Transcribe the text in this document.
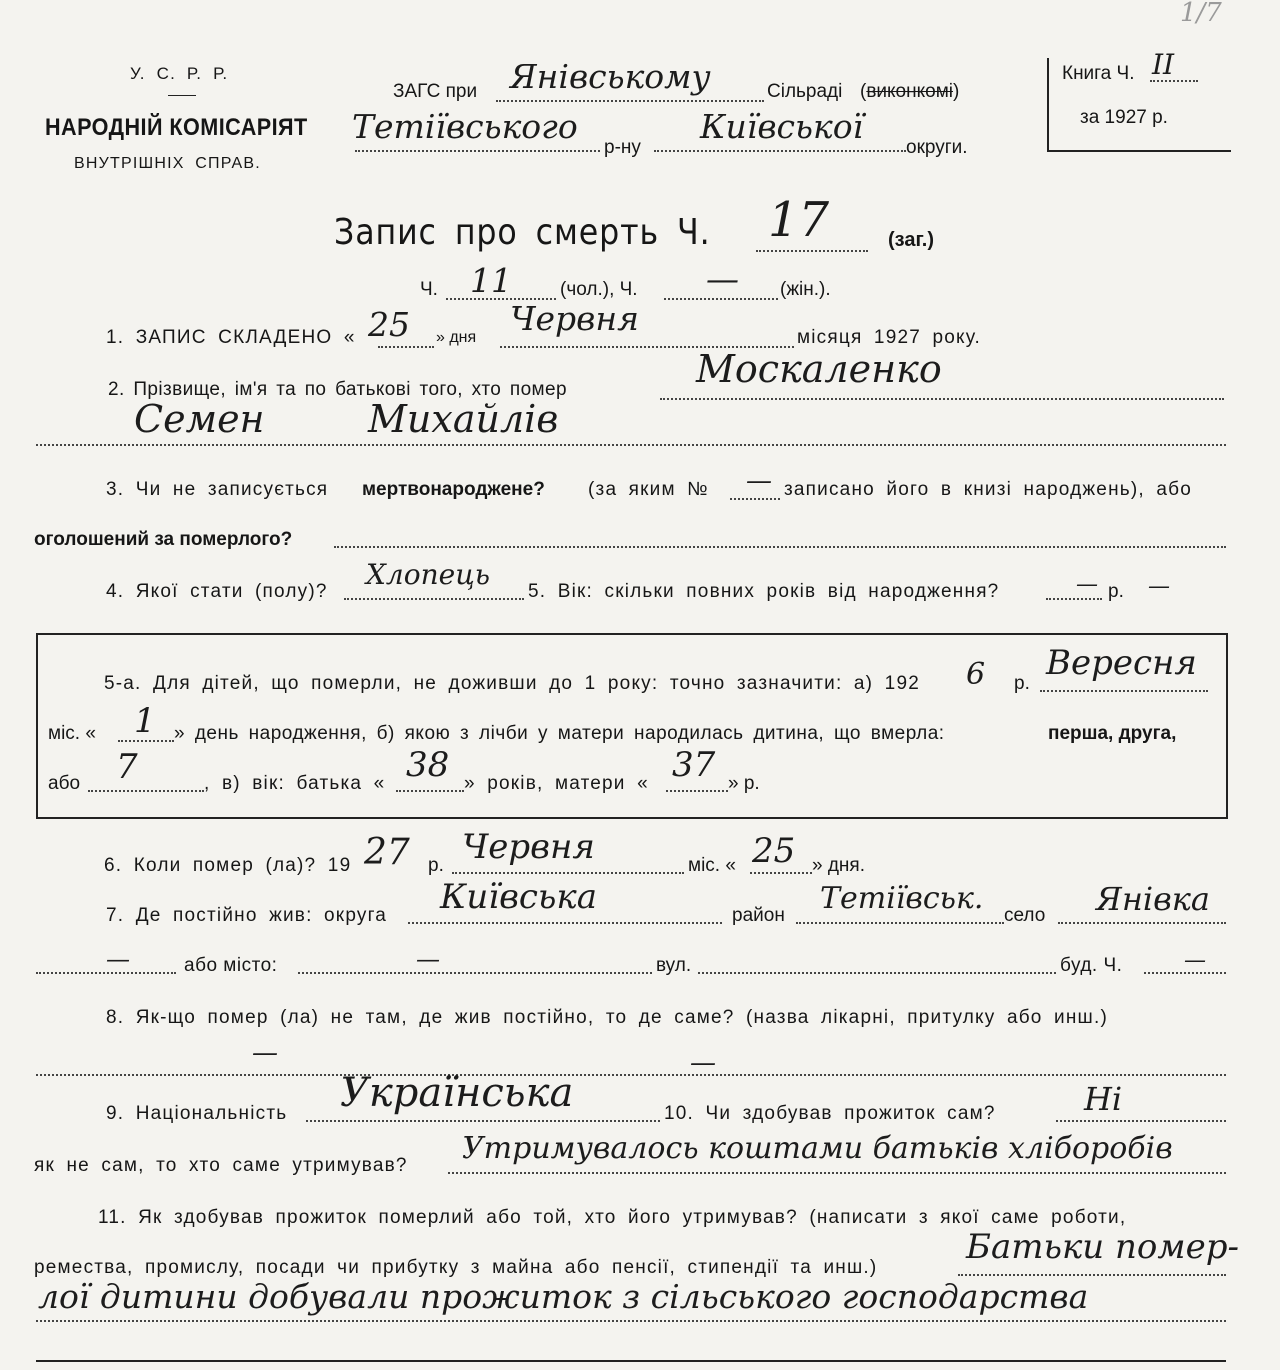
1/7
У. С. Р. Р.
НАРОДНІЙ КОМІСАРІЯТ
ВНУТРІШНІХ СПРАВ.
ЗАГС при Янівському	Сільраді (виконкомі)
Тетіївського
р-ну
Київської
округи.
Книга Ч. II
за 1927 р.
Запис про смерть Ч. 17	(заг.)
Ч. 11	(чол.), Ч. — (жін.).
1. ЗАПИС СКЛАДЕНО « 25 » дня Червня	місяця 1927 року.
2. Прізвище, ім'я та по батькові того, хто помер	Москаленко
Семен	Михайлів
3. Чи не записується мертвонароджене? (за яким № — записано його в книзі народжень), або
оголошений за померлого?
4. Якої стати (полу)?
Хлопець
5. Вік: скільки повних років від народження?	— р. —
5-а. Для дітей, що померли, не доживши до 1 року: точно зазначити: а) 192 6 р.
Вересня
міс. « 1 » день народження, б) якою з лічби у матери народилась дитина, що вмерла:	перша, друга,
або 7	, в) вік: батька « 38 » років, матери « 37 » р.
6. Коли помер (ла)? 19 27 р. Червня	міс. « 25 » дня.
7. Де постійно жив: округа Київська	район Тетіївськ. село Янівка
—	або місто:	—	вул.	буд. Ч.	—
8. Як-що помер (ла) не там, де жив постійно, то де саме? (назва лікарні, притулку або инш.)
—	—
9. Національність Українська	10. Чи здобував прожиток сам?	Ні
як не сам, то хто саме утримував? Утримувалось коштами батьків хліборобів
11. Як здобував прожиток померлий або той, хто його утримував? (написати з якої саме роботи,
ремества, промислу, посади чи прибутку з майна або пенсії, стипендії та инш.)
Батьки помер-
лої дитини добували прожиток з сільського господарства
